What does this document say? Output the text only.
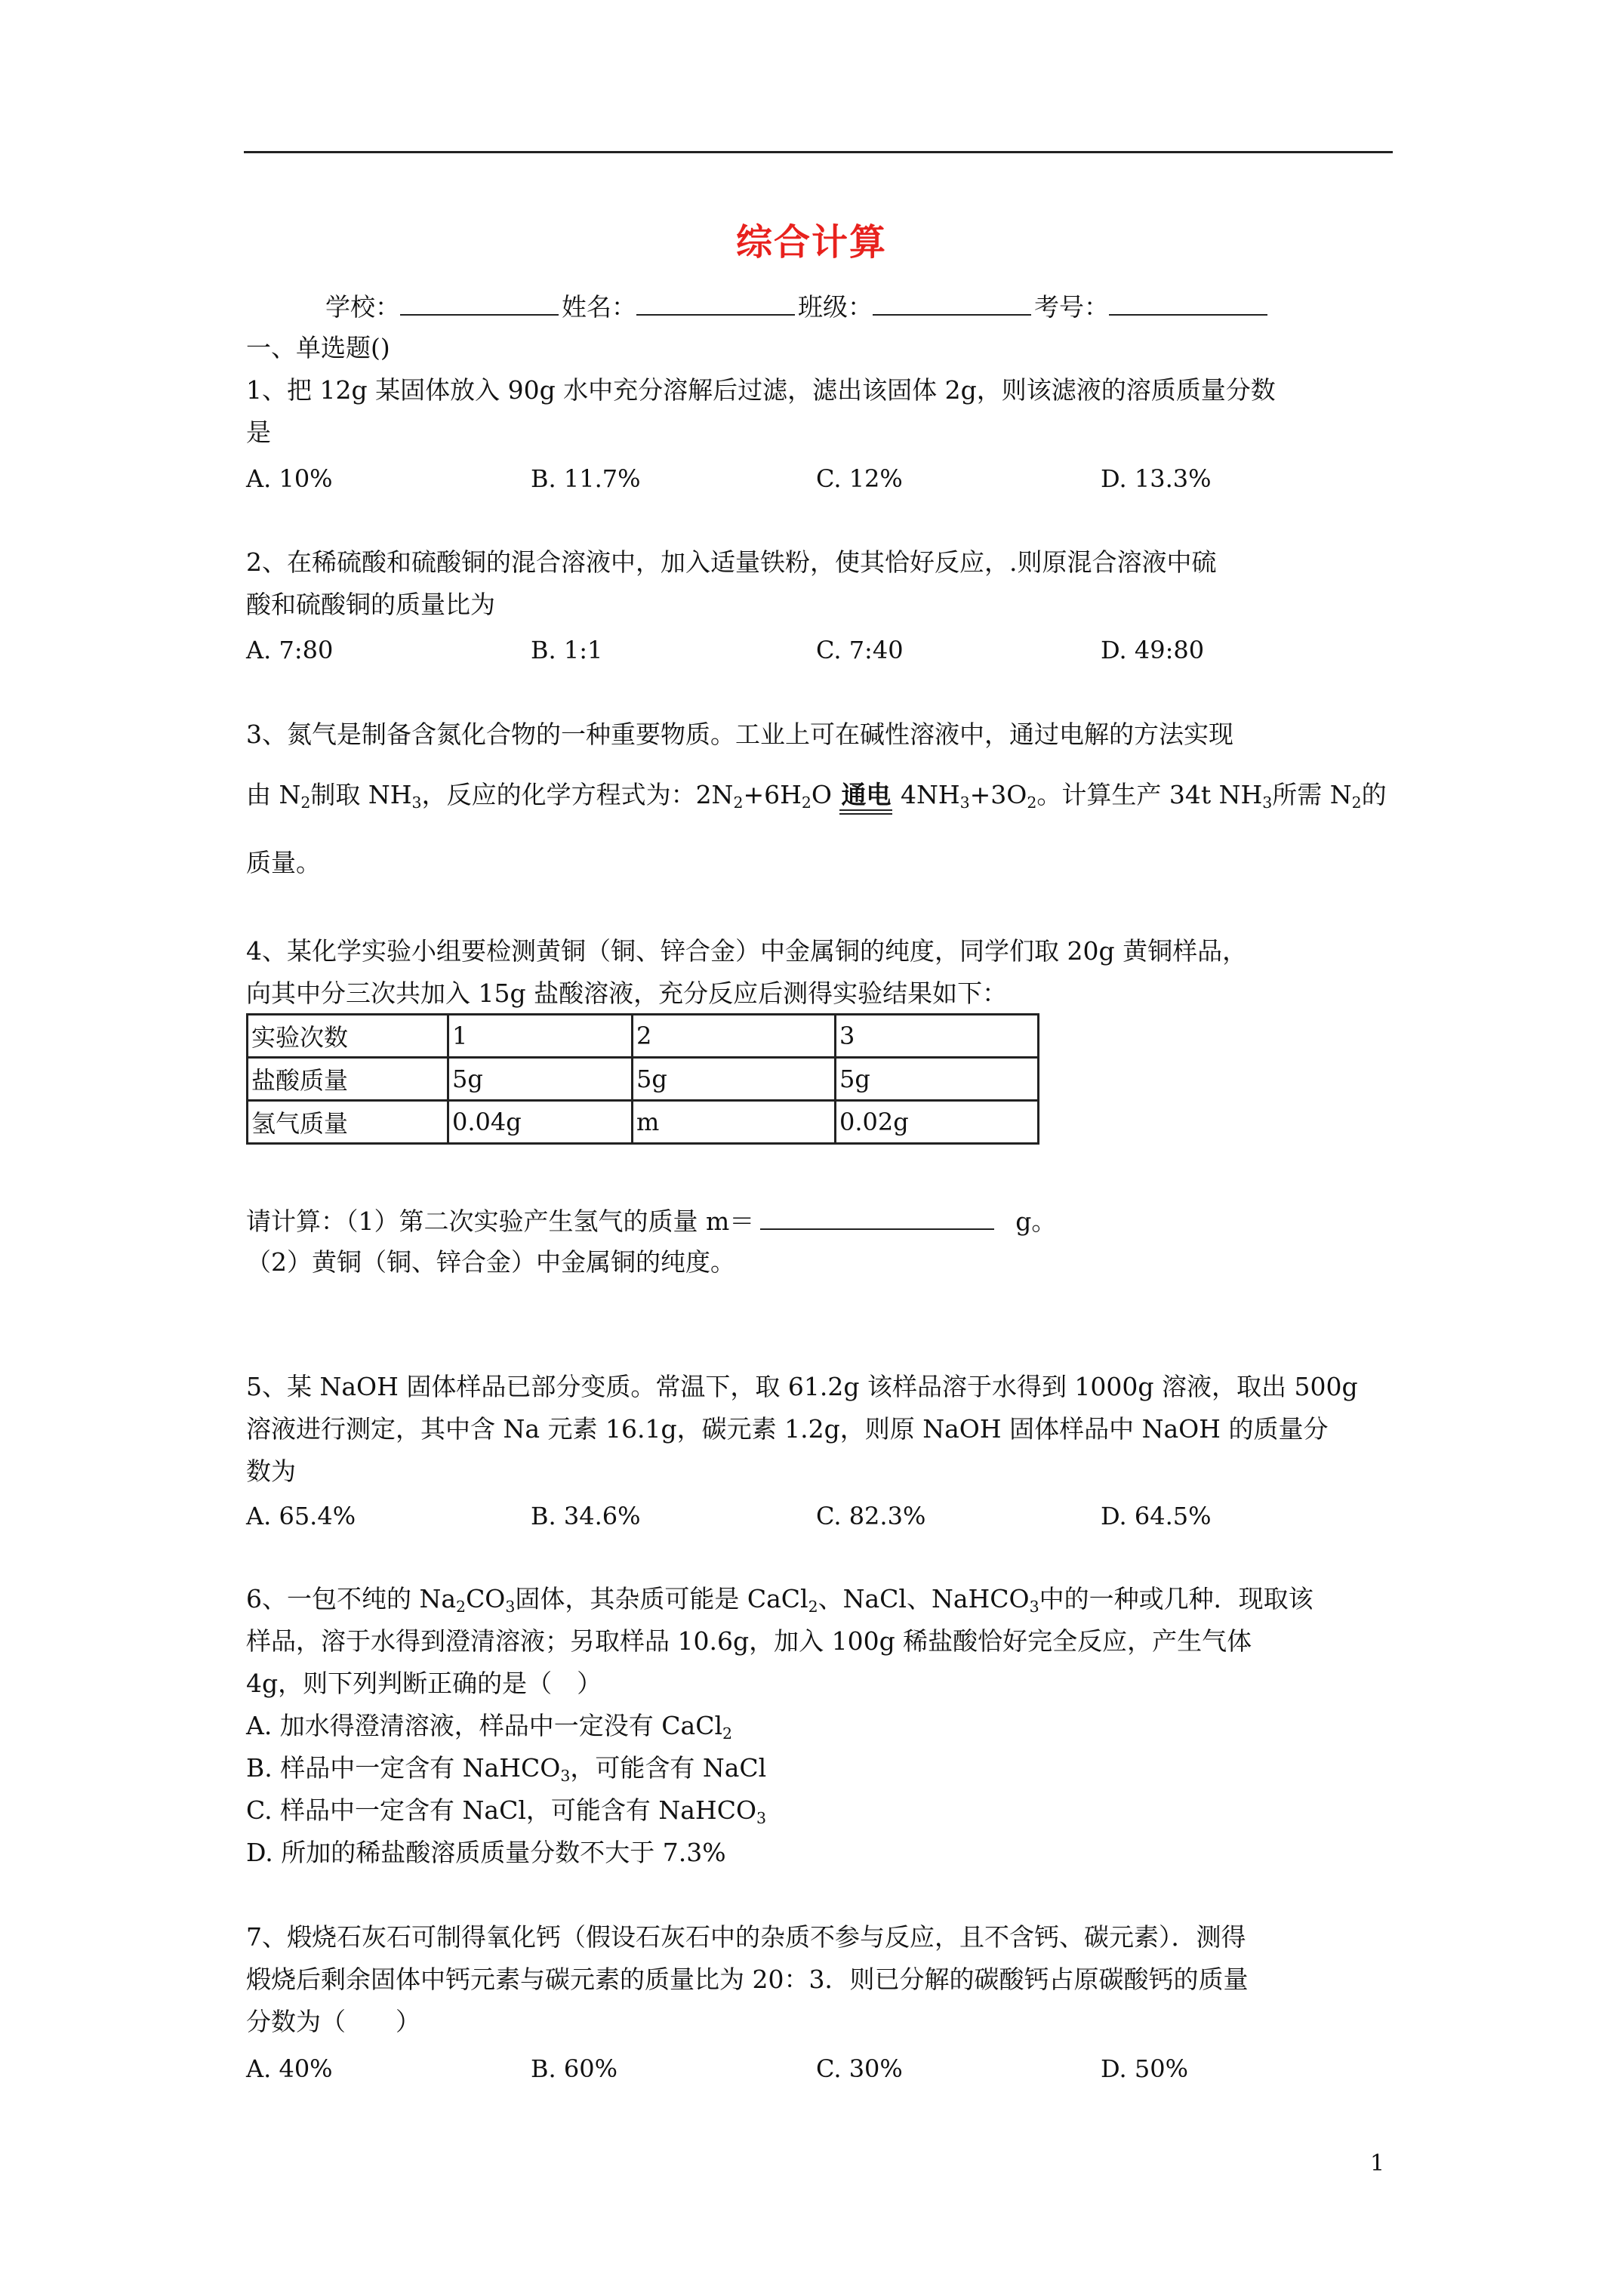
综合计算
学校：	姓名：	班级：	考号：
一、单选题()
1、把 12g 某固体放入 90g 水中充分溶解后过滤，滤出该固体 2g，则该滤液的溶质质量分数
是
A. 10%	B. 11.7%	C. 12%	D. 13.3%
2、在稀硫酸和硫酸铜的混合溶液中，加入适量铁粉，使其恰好反应，.则原混合溶液中硫
酸和硫酸铜的质量比为
A. 7:80	B. 1:1	C. 7:40	D. 49:80
3、氮气是制备含氮化合物的一种重要物质。工业上可在碱性溶液中，通过电解的方法实现
由 $N_2$制取 $NH_3$，反应的化学方程式为：$2N_2+6H_2O$ 通电 $4NH_3+3O_2$。计算生产 34t $NH_3$所需 $N_2$的
质量。
4、某化学实验小组要检测黄铜（铜、锌合金）中金属铜的纯度，同学们取 20g 黄铜样品，
向其中分三次共加入 15g 盐酸溶液，充分反应后测得实验结果如下：
实验次数	1	2	3
盐酸质量	5g	5g	5g
氢气质量	0.04g	m	0.02g
请计算：（1）第二次实验产生氢气的质量 m＝	g。
（2）黄铜（铜、锌合金）中金属铜的纯度。
5、某 NaOH 固体样品已部分变质。常温下，取 61.2g 该样品溶于水得到 1000g 溶液，取出 500g
溶液进行测定，其中含 Na 元素 16.1g，碳元素 1.2g，则原 NaOH 固体样品中 NaOH 的质量分
数为
A. 65.4%	B. 34.6%	C. 82.3%	D. 64.5%
6、一包不纯的 $Na_2CO_3$固体，其杂质可能是 CaCl$_2$、NaCl、NaHCO$_3$中的一种或几种．现取该
样品，溶于水得到澄清溶液；另取样品 10.6g，加入 100g 稀盐酸恰好完全反应，产生气体
4g，则下列判断正确的是（　）
A. 加水得澄清溶液，样品中一定没有 CaCl$_2$
B. 样品中一定含有 NaHCO$_3$，可能含有 NaCl
C. 样品中一定含有 NaCl，可能含有 NaHCO$_3$
D. 所加的稀盐酸溶质质量分数不大于 7.3%
7、煅烧石灰石可制得氧化钙（假设石灰石中的杂质不参与反应，且不含钙、碳元素）．测得
煅烧后剩余固体中钙元素与碳元素的质量比为 20：3．则已分解的碳酸钙占原碳酸钙的质量
分数为（　　）
A. 40%	B. 60%	C. 30%	D. 50%
1
